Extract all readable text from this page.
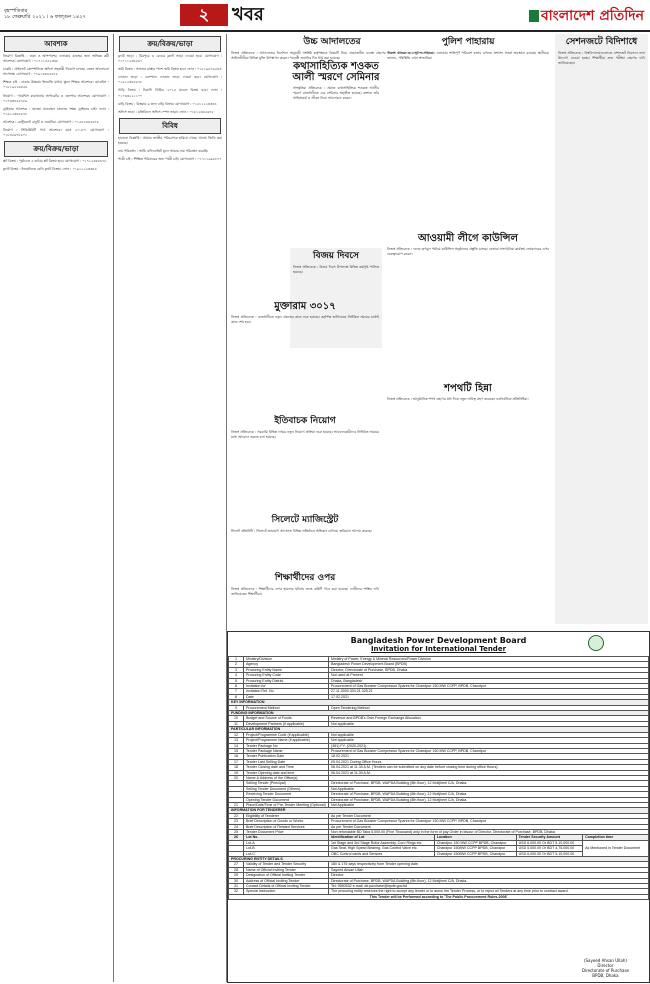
বৃহস্পতিবার
১৮ ফেব্রুয়ারি ২০২১ । ৬ ফাল্গুন ১৪২৭	২	খবর	বাংলাদেশ প্রতিদিন
আবশ্যক

নিয়োগ বিজ্ঞপ্তি : ঢাকা ও আশপাশের এলাকায় কাজের জন্য অভিজ্ঞ কর্মী আবশ্যক। যোগাযোগ : ০১৭১১৫৫২৩৩৮

চাকরি : প্রাইভেট কোম্পানিতে অফিস সহকারী নিয়োগ চলছে। বেতন আলোচনা সাপেক্ষে। যোগাযোগ : ০১৯১৩৪৪৫৬৭৮

শিক্ষক চাই : ঢাকার উত্তরায় ইংরেজি মাধ্যম স্কুলে শিক্ষক আবশ্যক। মোবাইল : ০১৮১৯২২৩৪৫৬

নিয়োগ : গার্মেন্টস কারখানায় অপারেটর ও হেলপার আবশ্যক। যোগাযোগ : ০১৭৩৩৪৫৬৭৮৯

ড্রাইভার আবশ্যক : হালকা যানবাহন চালাতে সক্ষম ড্রাইভার চাই। ফোন : ০১৬১২৩৪৫৬৭৮

আবশ্যক : রেস্টুরেন্টে বাবুর্চি ও ওয়েটার। যোগাযোগ : ০১৫৫২৩৪৫৬৭৮

নিয়োগ : সিকিউরিটি গার্ড আবশ্যক। বয়স ২০-৪০। যোগাযোগ : ০১৮৪৫৬৭৮৯০১

ক্রয়/বিক্রয়/ভাড়া

প্লট বিক্রয় : পূর্বাচলে ৫ কাঠার প্লট বিক্রয় হবে। যোগাযোগ : ০১৭১২৩৪৫৬৭৮

ফ্ল্যাট বিক্রয় : ধানমন্ডিতে রেডি ফ্ল্যাট বিক্রয়। ফোন : ০১৯১১২২৩৩৪৪

ক্রয়/বিক্রয়/ভাড়া

ফ্ল্যাট ভাড়া : মিরপুরে ৩ বেডের ফ্ল্যাট ভাড়া দেওয়া হবে। যোগাযোগ : ০১৭১১২৩৪৫৬৭

জমি বিক্রয় : সাভারে রাস্তার পাশে জমি বিক্রয় হবে। ফোন : ০১৮১৯৮৭৬৫৪৩

দোকান ভাড়া : গুলশানে দোকান ভাড়া দেওয়া হবে। যোগাযোগ : ০১৯১২৩৪৫৬৭৮

গাড়ি বিক্রয় : টয়োটা প্রিমিও ২০১৫ মডেল বিক্রয় হবে। ফোন : ০১৭৩৩২২১১০০

বাড়ি বিক্রয় : উত্তরায় ৬ তলা বাড়ি বিক্রয়। যোগাযোগ : ০১৫১১২২৩৩৪৪

অফিস ভাড়া : মতিঝিলে অফিস স্পেস ভাড়া। ফোন : ০১৮১২৩৪৫৬৭৮

বিবিধ

হারানো বিজ্ঞপ্তি : আমার জাতীয় পরিচয়পত্র হারিয়ে গেছে। থানায় জিডি করা হয়েছে।

নাম পরিবর্তন : আমি এফিডেভিট মূলে আমার নাম পরিবর্তন করেছি।

পাত্রী চাই : শিক্ষিত পরিবারের জন্য পাত্রী চাই। যোগাযোগ : ০১৭১১৯৯৮৮৭৭

উচ্চ আদালতের
নিজস্ব প্রতিবেদক : আদালতের নির্দেশনা অনুযায়ী সংশ্লিষ্ট কর্তৃপক্ষকে বিষয়টি নিয়ে প্রয়োজনীয় ব্যবস্থা গ্রহণের নির্দেশ দেওয়া হয়েছে। শুনানিতে আইনজীবীরা বিভিন্ন যুক্তি উপস্থাপন করেন। পরবর্তী শুনানির দিন ধার্য করা হয়েছে।
কথাসাহিত্যিক শওকত আলী স্মরণে সেমিনার
সাংস্কৃতিক প্রতিবেদক : প্রয়াত কথাসাহিত্যিক শওকত আলীর স্মরণে রাজধানীতে এক সেমিনার অনুষ্ঠিত হয়েছে। বক্তারা তাঁর সাহিত্যকর্ম ও জীবন নিয়ে আলোচনা করেন।
পুলিশ পাহারায়
নিজস্ব প্রতিবেদক : পুলিশ পাহারায় এলাকায় শান্তিপূর্ণ পরিবেশ বজায় রাখতে প্রশাসন সতর্ক অবস্থানে রয়েছে। স্থানীয়রা জানান, পরিস্থিতি এখন স্বাভাবিক।
সেশনজটে বিদিশাধে
নিজস্ব প্রতিবেদক : বিশ্ববিদ্যালয়গুলোতে সেশনজট নিরসনে নানা উদ্যোগ নেওয়া হচ্ছে। শিক্ষার্থীরা দ্রুত পরীক্ষা গ্রহণের দাবি জানিয়েছেন।
আওয়ামী লীগে কাউন্সিল
নিজস্ব প্রতিবেদক : দলের তৃণমূল পর্যায়ে কাউন্সিল অনুষ্ঠানের প্রস্তুতি চলছে। নেতারা সাংগঠনিক কার্যক্রম জোরদারের ওপর গুরুত্বারোপ করেন।
বিজয় দিবসে
নিজস্ব প্রতিবেদক : বিজয় দিবস উপলক্ষে বিভিন্ন কর্মসূচি পালিত হয়েছে।
মুক্তারাম ৩০১৭
নিজস্ব প্রতিবেদক : রাজধানীতে নতুন প্রকল্পের কাজ শুরু হয়েছে। কর্তৃপক্ষ জানিয়েছে নির্ধারিত সময়ের মধ্যেই কাজ শেষ হবে।
শপথটি হিন্না
নিজস্ব প্রতিবেদক : আনুষ্ঠানিক শপথ গ্রহণের মধ্য দিয়ে নতুন দায়িত্ব গ্রহণ করেছেন নবনির্বাচিত প্রতিনিধিরা।
ইতিবাচক নিয়োগ
নিজস্ব প্রতিবেদক : সরকারি বিভিন্ন দপ্তরে নতুন নিয়োগ প্রক্রিয়া শুরু হয়েছে। আবেদনকারীদের নির্ধারিত সময়ের মধ্যে আবেদন করতে বলা হয়েছে।
সিলেটে ম্যাজিস্ট্রেট
সিলেট প্রতিনিধি : সিলেটে ভ্রাম্যমাণ আদালত বিভিন্ন প্রতিষ্ঠানে অভিযান চালিয়ে জরিমানা আদায় করেছে।
শিক্ষার্থীদের ওপর
নিজস্ব প্রতিবেদক : শিক্ষার্থীদের ওপর হামলার ঘটনায় তদন্ত কমিটি গঠন করা হয়েছে। দোষীদের শাস্তির দাবি জানিয়েছেন শিক্ষার্থীরা।
Bangladesh Power Development Board
Invitation for International Tender
1	Ministry/Division	Ministry of Power, Energy & Mineral Resources/Power Division			
2	Agency	Bangladesh Power Development Board (BPDB)			
3	Procuring Entity Name	Director, Directorate of Purchase, BPDB, Dhaka			
4	Procuring Entity Code	Not used at Present			
5	Procuring Entity District	Dhaka, Bangladesh			
6	Invitation for	Procurement of Gas Booster Compressor Spares for Chandpur 150 MW CCPP, BPDB, Chandpur			
7	Invitation Ref. No	27.11.0000.304.21.325.21			
8	Date	17.02.2021			
KEY INFORMATION					
9	Procurement Method	Open Tendering Method			
FUNDING INFORMATION					
10	Budget and Source of Funds	Revenue and BPDB's Own Foreign Exchange Allocation.			
11	Development Partners (if applicable)	Not applicable			
PARTICULAR INFORMATION					
12	Project/Programme Code (if applicable)	Not applicable			
13	Project/Programme Name (if applicable)	Not applicable			
14	Tender Package No	(361) FY: (2020-2021)			
15	Tender Package Name	Procurement of Gas Booster Compressor Spares for Chandpur 150 MW CCPP, BPDB, Chandpur			
16	Tender Publication Date	18.02.2021			
17	Tender Last Selling Date	05.04.2021 During Office Hours			
18	Tender Closing date and Time	06.04.2021 at 11.30 A.M. (Tenders can be submitted on any date before closing time during office Hours).			
19	Tender Opening date and time	06.04.2021 at 11.30 A.M.			
20	Name & Address of the Office(s)				
	Selling Tender (Principal)	Directorate of Purchase, BPDB, WAPDA Building (8th floor), 12 Motijheel C/A, Dhaka.			
	Selling Tender Document (Others)	Not Applicable			
	Receiving Tender Document	Directorate of Purchase, BPDB, WAPDA Building (8th floor), 12 Motijheel C/A, Dhaka.			
	Opening Tender Document	Directorate of Purchase, BPDB, WAPDA Building (8th floor), 12 Motijheel C/A, Dhaka.			
21	Place/Date/Time of Pre-Tender Meeting (Optional)	Not Applicable			
INFORMATION FOR TENDERER					
22	Eligibility of Tenderer	As per Tender Document			
23	Brief Description of Goods or Works	Procurement of Gas Booster Compressor Spares for Chandpur 150 MW CCPP, BPDB, Chandpur			
24	Brief Description of Related Services	As per Tender Document			
25	Tender Document Price	Non refundable BD Taka 5,000.00 (Five Thousand) only in the form of pay Order in favour of Director, Directorate of Purchase, BPDB, Dhaka.			
26	Lot No.	Identification of Lot	Location	Tender Security Amount	Completion time
	Lot-A	1st Stage and 3rd Stage Rotor Assembly, Coro Rings etc.	Chandpur 150 MW CCPP BPDB, Chandpur	USD 6,000.00 Or BDT 5,10,000.00	As Mentioned in Tender Document
	Lot-B	Gas Seal, High Speed Bearing, Gas Control Valve etc.	Chandpur 150MW CCPP BPDB, Chandpur	USD 5,000.00 Or BDT 4,75,000.00	
	Lot-C	OBC Control cards and Sensors	Chandpur 150MW CCPP BPDB, Chandpur	USD 6,000.00 Or BDT 5,10,000.00	
PROCURING ENTITY DETAILS					
27	Validity of Tender and Tender Security	180 & 176 days respectively from Tender opening date.			
28	Name of Official Inviting Tender	Sayeed Ahsan Ullah			
29	Designation of Official Inviting Tender	Director			
30	Address of Official Inviting Tender	Directorate of Purchase, BPDB, WAPDA Building (8th floor), 12 Motijheel C/A, Dhaka.			
31	Contact Details of Official Inviting Tender	Tel: 9550532 e-mail: dir.purchase@bpdb.gov.bd			
32	Special Instruction	The procuring entity reserves the right to accept any tender or to annul the Tender Process, or to reject all Tenders at any time prior to contract award.			
This Tender will be Performed according to 'The Public Procurement Rules-2008'					
(Sayeed Ahsan Ullah)
Director
Directorate of Purchase
BPDB, Dhaka
